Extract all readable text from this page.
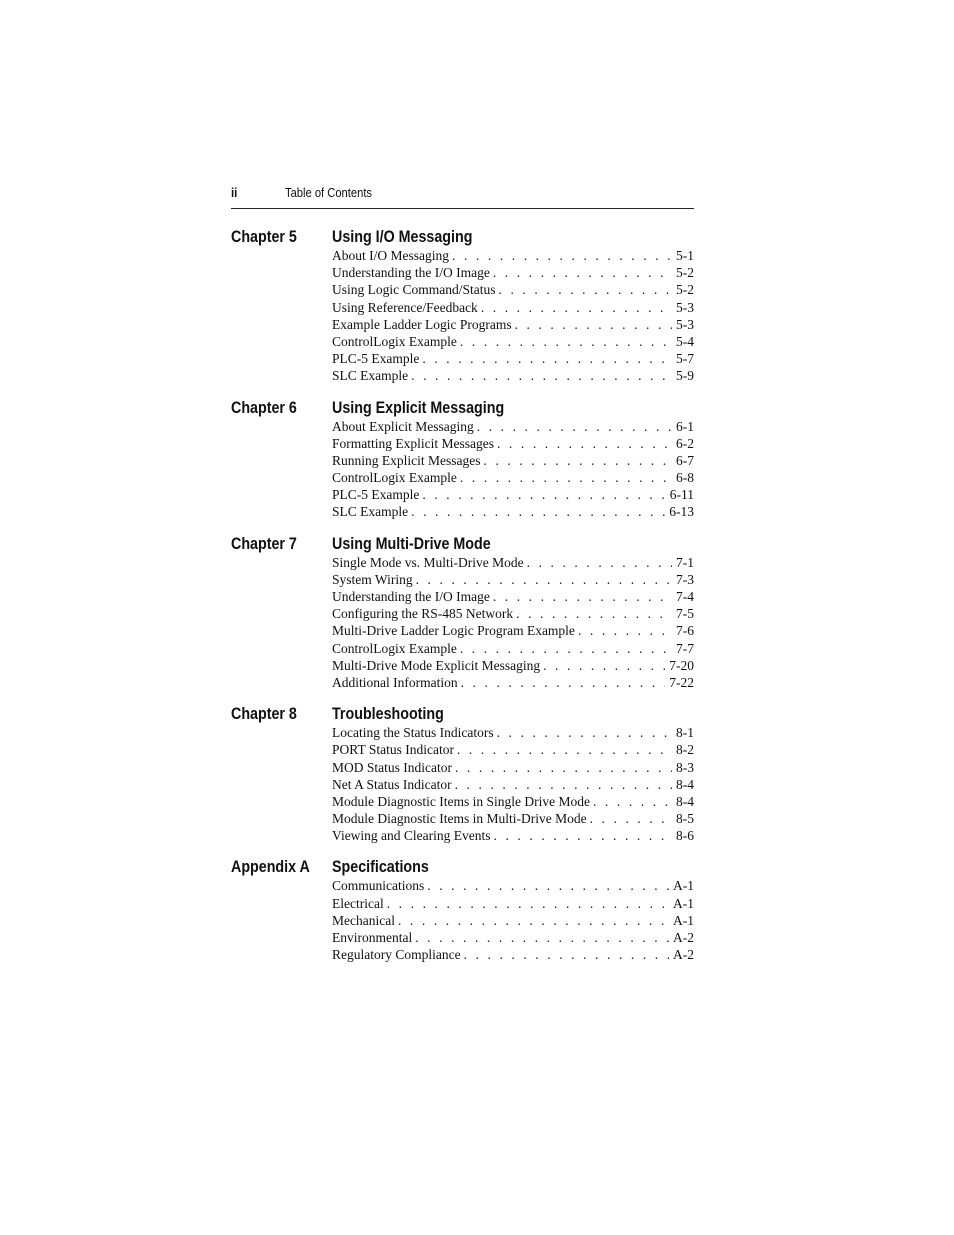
ii	Table of Contents
Chapter 5 Using I/O Messaging
About I/O Messaging . . .	5-1
Understanding the I/O Image . . .	5-2
Using Logic Command/Status . . .	5-2
Using Reference/Feedback . . .	5-3
Example Ladder Logic Programs . . .	5-3
ControlLogix Example . . .	5-4
PLC-5 Example . . .	5-7
SLC Example . . .	5-9
Chapter 6 Using Explicit Messaging
About Explicit Messaging . . .	6-1
Formatting Explicit Messages . . .	6-2
Running Explicit Messages . . .	6-7
ControlLogix Example . . .	6-8
PLC-5 Example . . .	6-11
SLC Example . . .	6-13
Chapter 7 Using Multi-Drive Mode
Single Mode vs. Multi-Drive Mode . . .	7-1
System Wiring . . .	7-3
Understanding the I/O Image . . .	7-4
Configuring the RS-485 Network . . .	7-5
Multi-Drive Ladder Logic Program Example . . .	7-6
ControlLogix Example . . .	7-7
Multi-Drive Mode Explicit Messaging . . .	7-20
Additional Information . . .	7-22
Chapter 8 Troubleshooting
Locating the Status Indicators . . .	8-1
PORT Status Indicator . . .	8-2
MOD Status Indicator . . .	8-3
Net A Status Indicator . . .	8-4
Module Diagnostic Items in Single Drive Mode . . .	8-4
Module Diagnostic Items in Multi-Drive Mode . . .	8-5
Viewing and Clearing Events . . .	8-6
Appendix A Specifications
Communications . . .	A-1
Electrical . . .	A-1
Mechanical . . .	A-1
Environmental . . .	A-2
Regulatory Compliance . . .	A-2
